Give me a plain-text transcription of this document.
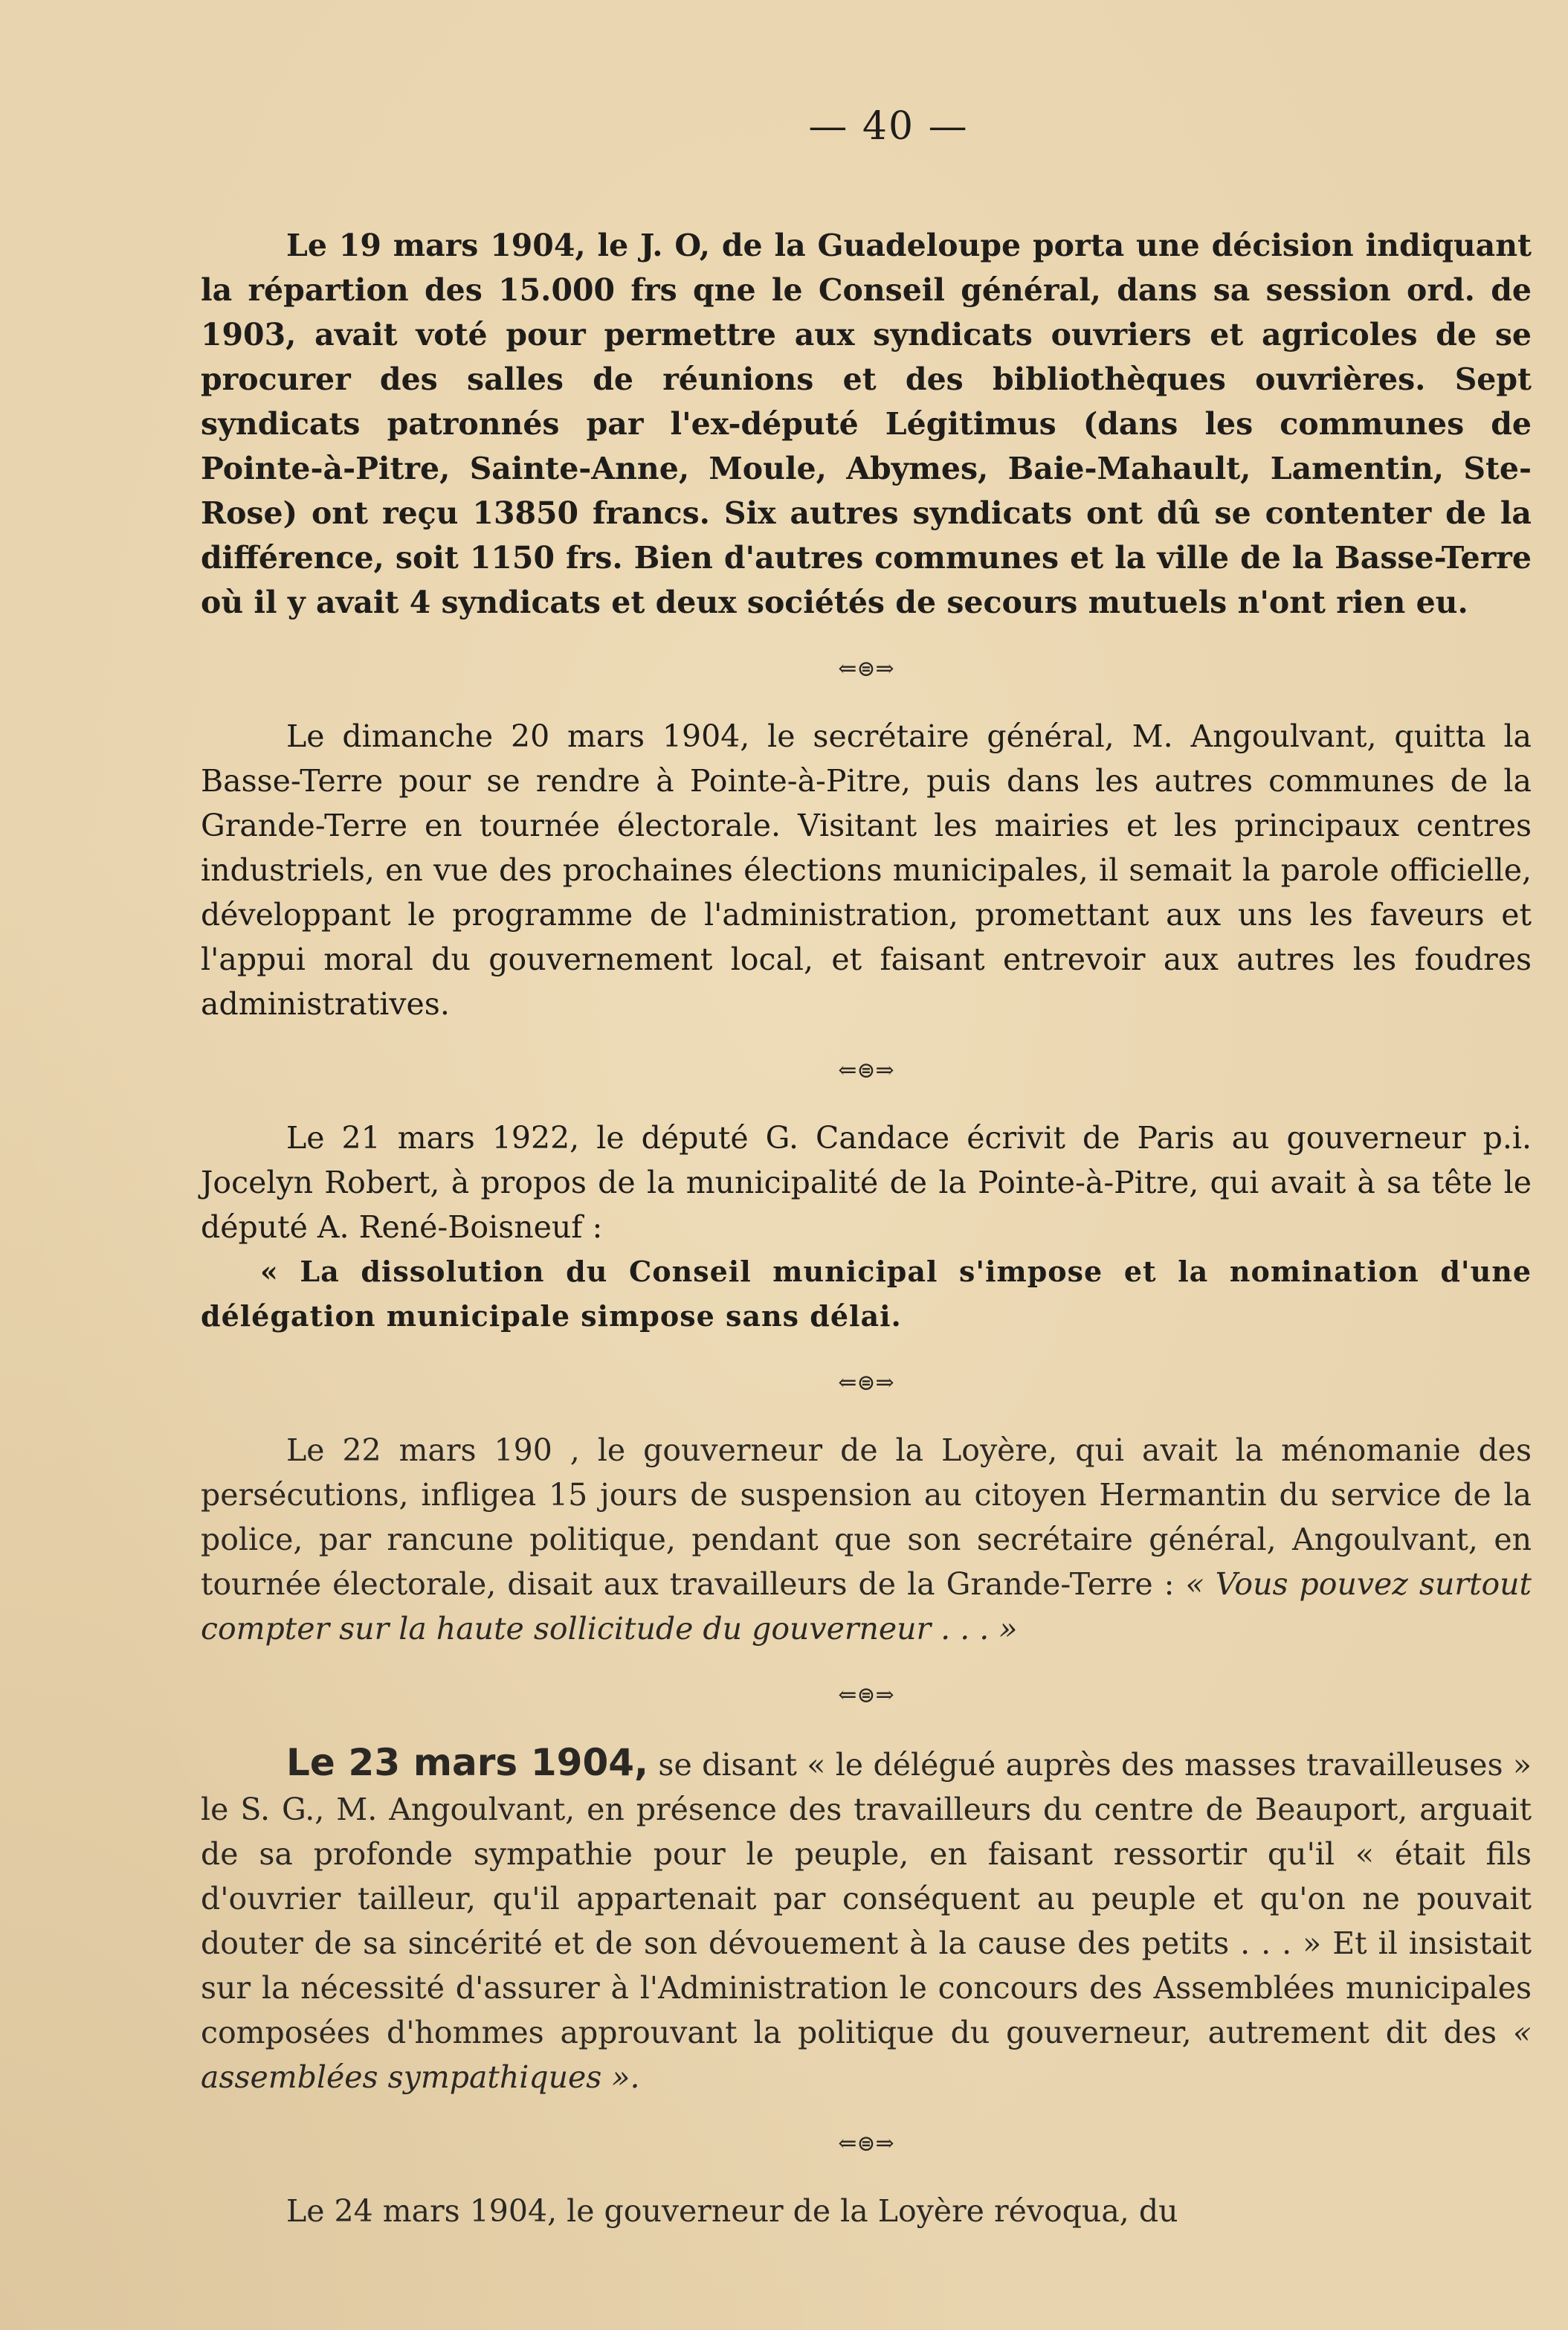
— 40 —

Le 19 mars 1904, le J. O, de la Guadeloupe porta une décision indiquant la répartion des 15.000 frs qne le Conseil général, dans sa session ord. de 1903, avait voté pour permettre aux syndicats ouvriers et agricoles de se procurer des salles de réunions et des bibliothèques ouvrières. Sept syndicats patronnés par l'ex-député Légitimus (dans les communes de Pointe-à-Pitre, Sainte-Anne, Moule, Abymes, Baie-Mahault, Lamentin, Ste-Rose) ont reçu 13850 francs. Six autres syndicats ont dû se contenter de la différence, soit 1150 frs. Bien d'autres communes et la ville de la Basse-Terre où il y avait 4 syndicats et deux sociétés de secours mutuels n'ont rien eu.

⇐⊜⇒

Le dimanche 20 mars 1904, le secrétaire général, M. Angoulvant, quitta la Basse-Terre pour se rendre à Pointe-à-Pitre, puis dans les autres communes de la Grande-Terre en tournée électorale. Visitant les mairies et les principaux centres industriels, en vue des prochaines élections municipales, il semait la parole officielle, développant le programme de l'administration, promettant aux uns les faveurs et l'appui moral du gouvernement local, et faisant entrevoir aux autres les foudres administratives.

⇐⊜⇒

Le 21 mars 1922, le député G. Candace écrivit de Paris au gouverneur p.i. Jocelyn Robert, à propos de la municipalité de la Pointe-à-Pitre, qui avait à sa tête le député A. René-Boisneuf :

« La dissolution du Conseil municipal s'impose et la nomination d'une délégation municipale simpose sans délai.

⇐⊜⇒

Le 22 mars 190 , le gouverneur de la Loyère, qui avait la ménomanie des persécutions, infligea 15 jours de suspension au citoyen Hermantin du service de la police, par rancune politique, pendant que son secrétaire général, Angoulvant, en tournée électorale, disait aux travailleurs de la Grande-Terre : « Vous pouvez surtout compter sur la haute sollicitude du gouverneur . . . »

⇐⊜⇒

Le 23 mars 1904, se disant « le délégué auprès des masses travailleuses » le S. G., M. Angoulvant, en présence des travailleurs du centre de Beauport, arguait de sa profonde sympathie pour le peuple, en faisant ressortir qu'il « était fils d'ouvrier tailleur, qu'il appartenait par conséquent au peuple et qu'on ne pouvait douter de sa sincérité et de son dévouement à la cause des petits . . . » Et il insistait sur la nécessité d'assurer à l'Administration le concours des Assemblées municipales composées d'hommes approuvant la politique du gouverneur, autrement dit des « assemblées sympathiques ».

⇐⊜⇒

Le 24 mars 1904, le gouverneur de la Loyère révoqua, du
